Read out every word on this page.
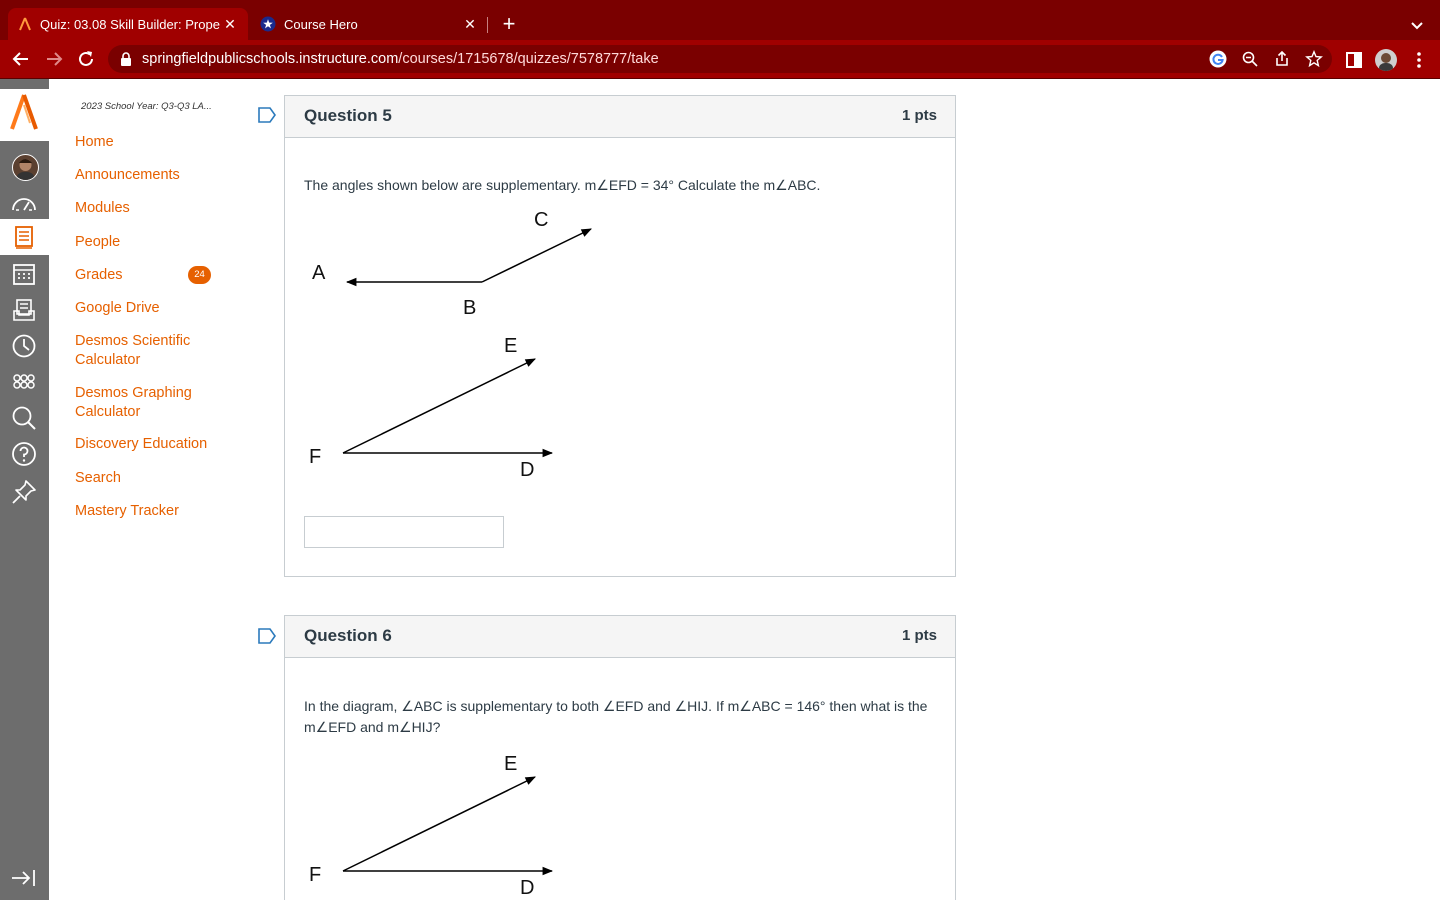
Quiz: 03.08 Skill Builder: Prope ✕	Course Hero	✕ +
springfieldpublicschools.instructure.com/courses/1715678/quizzes/7578777/take
2023 School Year: Q3-Q3 LA...
Home
Announcements
Modules
People
Grades	24
Google Drive
Desmos Scientific Calculator
Desmos Graphing Calculator
Discovery Education
Search
Mastery Tracker
Question 5	1 pts
The angles shown below are supplementary. m∠EFD = 34° Calculate the m∠ABC.
A
B
C
E
F
D
Question 6	1 pts
In the diagram, ∠ABC is supplementary to both ∠EFD and ∠HIJ. If m∠ABC = 146° then what is the m∠EFD and m∠HIJ?
E
F
D
